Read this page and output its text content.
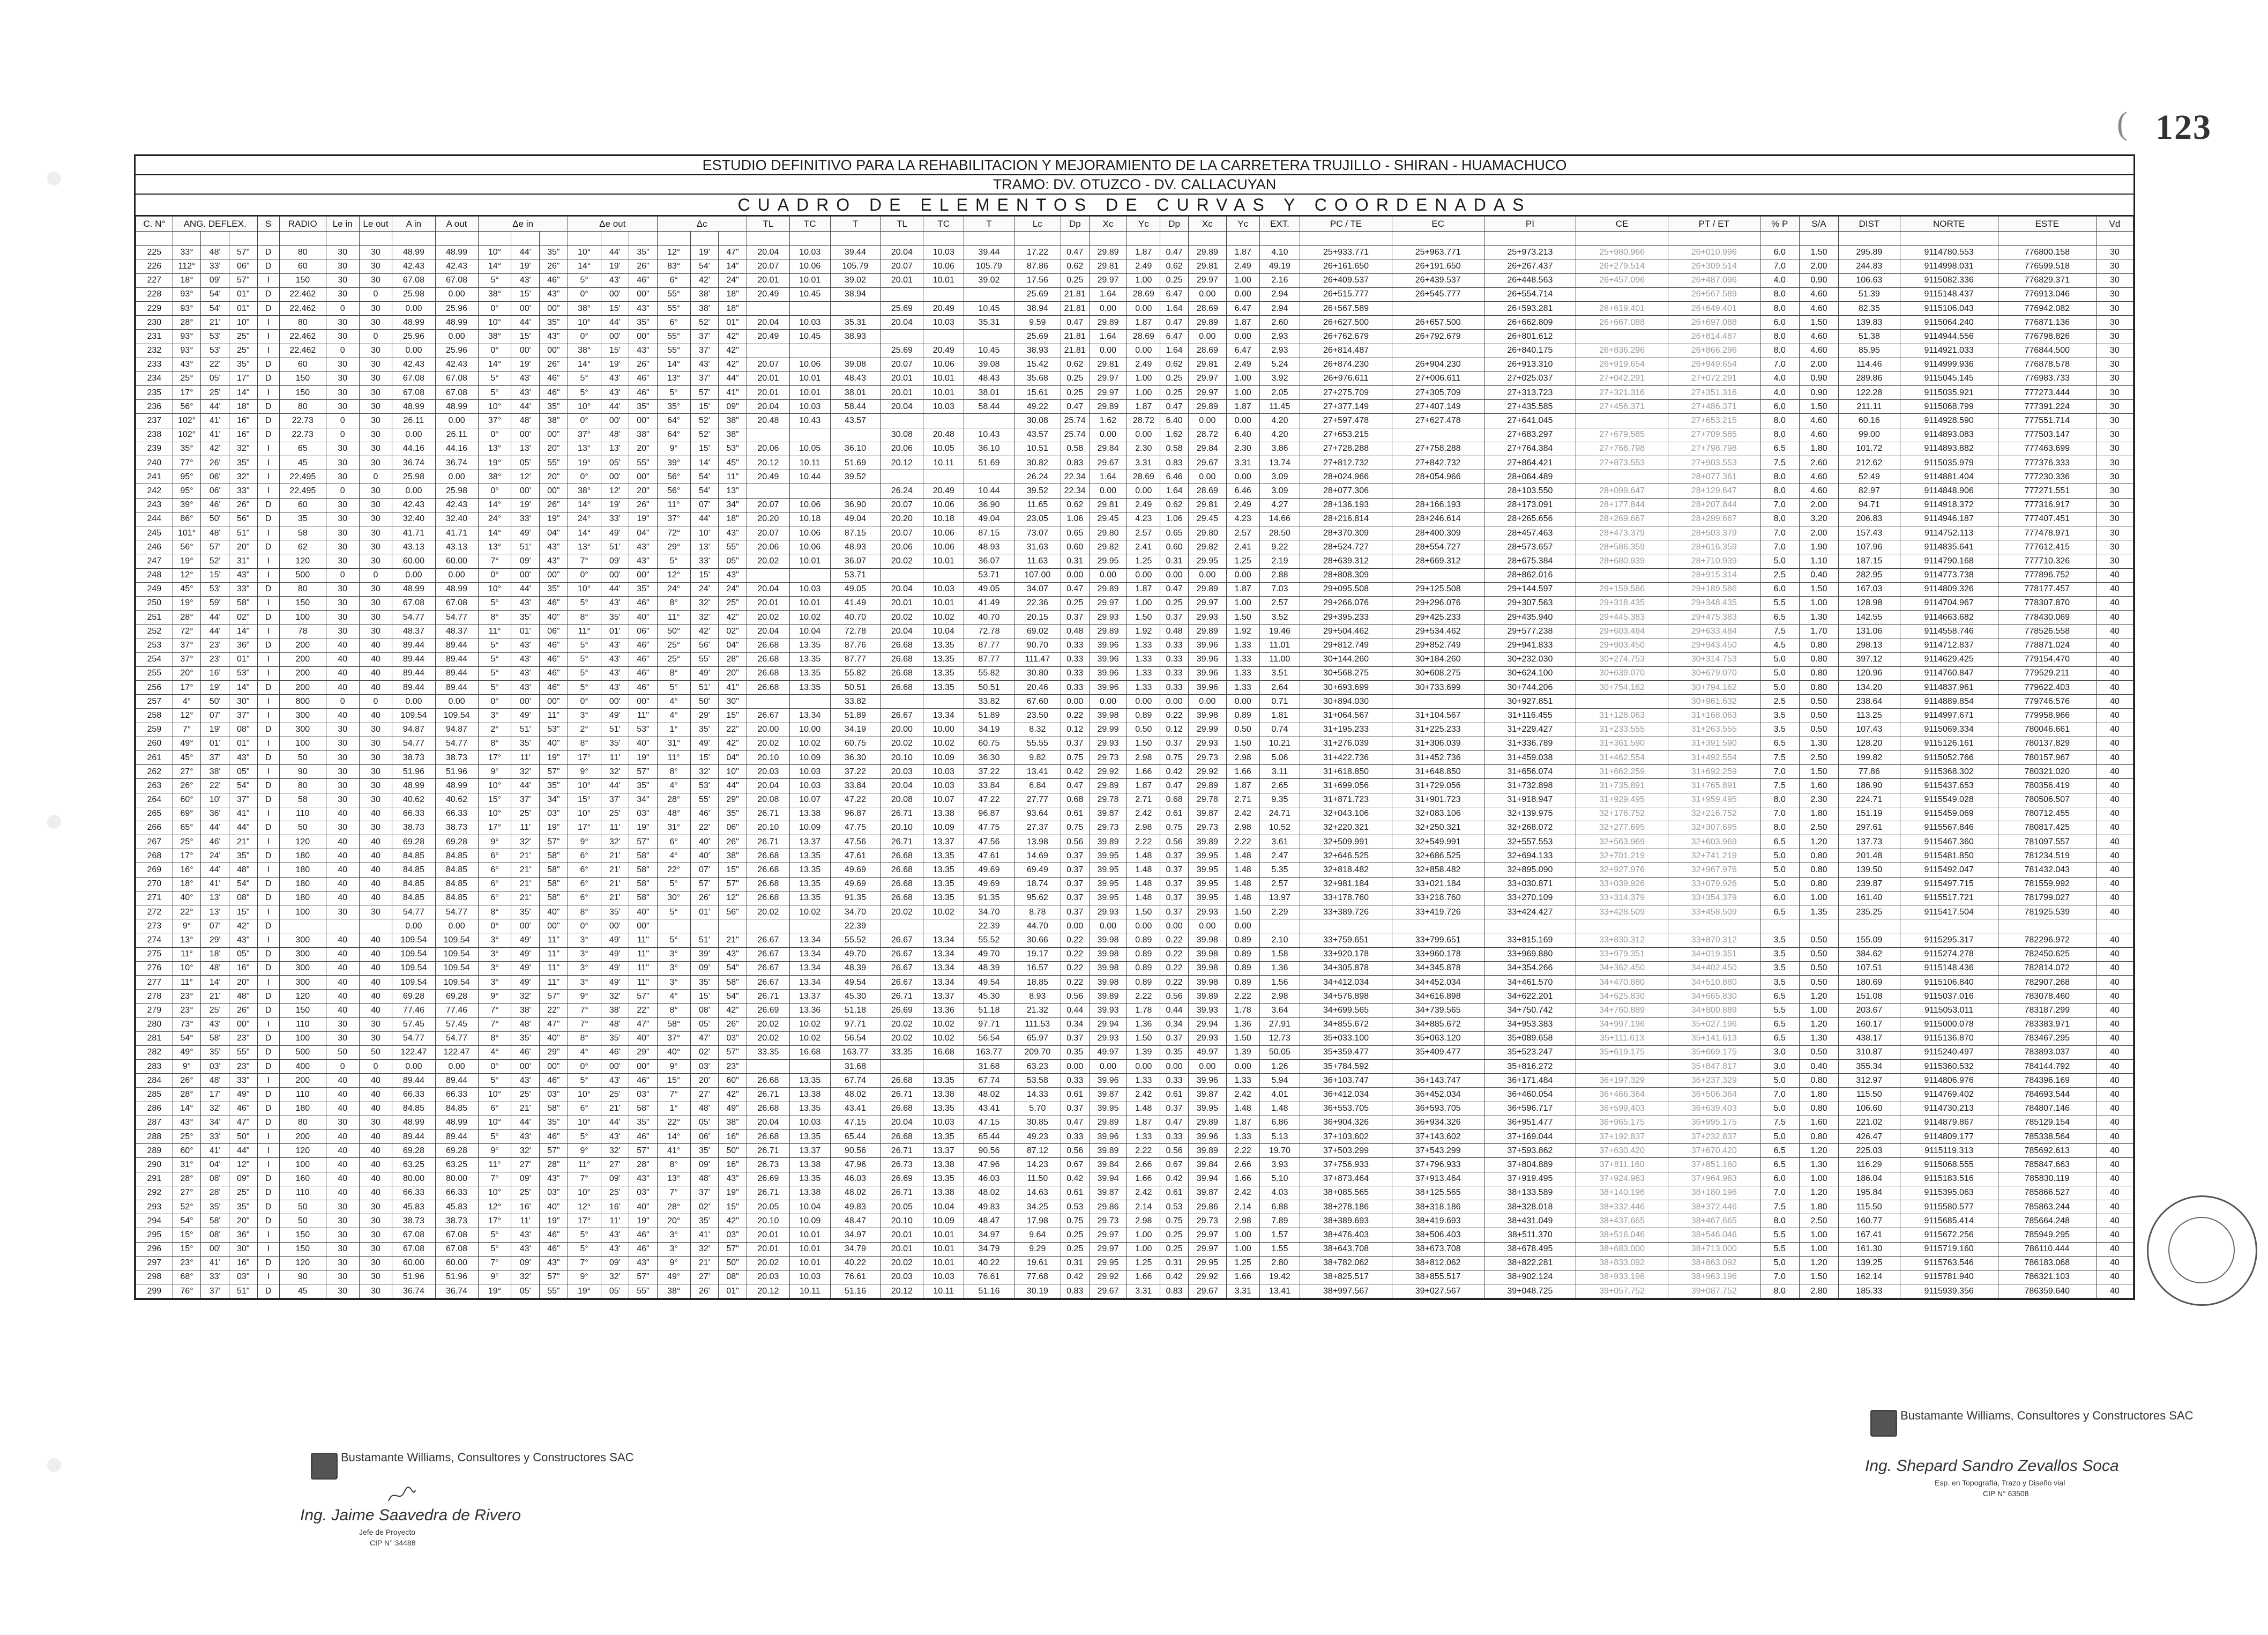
( 123
ESTUDIO DEFINITIVO PARA LA REHABILITACION Y MEJORAMIENTO DE LA CARRETERA TRUJILLO - SHIRAN - HUAMACHUCO
TRAMO: DV. OTUZCO - DV. CALLACUYAN
CUADRO DE ELEMENTOS DE CURVAS Y COORDENADAS
C. N°	ANG. DEFLEX.			S	RADIO	Le in	Le out	A in	A out	Δe in			Δe out			Δc			TL	TC	T	TL	TC	T	Lc	Dp	Xc	Yc	Dp	Xc	Yc	EXT.	PC / TE	EC	PI	CE	PT / ET	% P	S/A	DIST	NORTE	ESTE	Vd

225	33°	48'	57"	D	80	30	30	48.99	48.99	10°	44'	35"	10°	44'	35"	12°	19'	47"	20.04	10.03	39.44	20.04	10.03	39.44	17.22	0.47	29.89	1.87	0.47	29.89	1.87	4.10	25+933.771	25+963.771	25+973.213	25+980.966	26+010.996	6.0	1.50	295.89	9114780.553	776800.158	30
226	112°	33'	06"	D	60	30	30	42.43	42.43	14°	19'	26"	14°	19'	26"	83°	54'	14"	20.07	10.06	105.79	20.07	10.06	105.79	87.86	0.62	29.81	2.49	0.62	29.81	2.49	49.19	26+161.650	26+191.650	26+267.437	26+279.514	26+309.514	7.0	2.00	244.83	9114998.031	776599.518	30
227	18°	09'	57"	I	150	30	30	67.08	67.08	5°	43'	46"	5°	43'	46"	6°	42'	24"	20.01	10.01	39.02	20.01	10.01	39.02	17.56	0.25	29.97	1.00	0.25	29.97	1.00	2.16	26+409.537	26+439.537	26+448.563	26+457.096	26+487.096	4.0	0.90	106.63	9115082.336	776829.371	30
228	93°	54'	01"	D	22.462	30	0	25.98	0.00	38°	15'	43"	0°	00'	00"	55°	38'	18"	20.49	10.45	38.94				25.69	21.81	1.64	28.69	6.47	0.00	0.00	2.94	26+515.777	26+545.777	26+554.714		26+567.589	8.0	4.60	51.39	9115148.437	776913.046	30
229	93°	54'	01"	D	22.462	0	30	0.00	25.96	0°	00'	00"	38°	15'	43"	55°	38'	18"				25.69	20.49	10.45	38.94	21.81	0.00	0.00	1.64	28.69	6.47	2.94	26+567.589		26+593.281	26+619.401	26+649.401	8.0	4.60	82.35	9115106.043	776942.082	30
230	28°	21'	10"	I	80	30	30	48.99	48.99	10°	44'	35"	10°	44'	35"	6°	52'	01"	20.04	10.03	35.31	20.04	10.03	35.31	9.59	0.47	29.89	1.87	0.47	29.89	1.87	2.60	26+627.500	26+657.500	26+662.809	26+667.088	26+697.088	6.0	1.50	139.83	9115064.240	776871.136	30
231	93°	53'	25"	I	22.462	30	0	25.96	0.00	38°	15'	43"	0°	00'	00"	55°	37'	42"	20.49	10.45	38.93				25.69	21.81	1.64	28.69	6.47	0.00	0.00	2.93	26+762.679	26+792.679	26+801.612		26+814.487	8.0	4.60	51.38	9114944.556	776798.826	30
232	93°	53'	25"	I	22.462	0	30	0.00	25.96	0°	00'	00"	38°	15'	43"	55°	37'	42"				25.69	20.49	10.45	38.93	21.81	0.00	0.00	1.64	28.69	6.47	2.93	26+814.487		26+840.175	26+836.296	26+866.296	8.0	4.60	85.95	9114921.033	776844.500	30
233	43°	22'	35"	D	60	30	30	42.43	42.43	14°	19'	26"	14°	19'	26"	14°	43'	42"	20.07	10.06	39.08	20.07	10.06	39.08	15.42	0.62	29.81	2.49	0.62	29.81	2.49	5.24	26+874.230	26+904.230	26+913.310	26+919.654	26+949.654	7.0	2.00	114.46	9114999.936	776878.578	30
234	25°	05'	17"	D	150	30	30	67.08	67.08	5°	43'	46"	5°	43'	46"	13°	37'	44"	20.01	10.01	48.43	20.01	10.01	48.43	35.68	0.25	29.97	1.00	0.25	29.97	1.00	3.92	26+976.611	27+006.611	27+025.037	27+042.291	27+072.291	4.0	0.90	289.86	9115045.145	776983.733	30
235	17°	25'	14"	I	150	30	30	67.08	67.08	5°	43'	46"	5°	43'	46"	5°	57'	41"	20.01	10.01	38.01	20.01	10.01	38.01	15.61	0.25	29.97	1.00	0.25	29.97	1.00	2.05	27+275.709	27+305.709	27+313.723	27+321.316	27+351.316	4.0	0.90	122.28	9115035.921	777273.444	30
236	56°	44'	18"	D	80	30	30	48.99	48.99	10°	44'	35"	10°	44'	35"	35°	15'	09"	20.04	10.03	58.44	20.04	10.03	58.44	49.22	0.47	29.89	1.87	0.47	29.89	1.87	11.45	27+377.149	27+407.149	27+435.585	27+456.371	27+486.371	6.0	1.50	211.11	9115068.799	777391.224	30
237	102°	41'	16"	D	22.73	0	30	26.11	0.00	37°	48'	38"	0°	00'	00"	64°	52'	38"	20.48	10.43	43.57				30.08	25.74	1.62	28.72	6.40	0.00	0.00	4.20	27+597.478	27+627.478	27+641.045		27+653.215	8.0	4.60	60.16	9114928.590	777551.714	30
238	102°	41'	16"	D	22.73	0	30	0.00	26.11	0°	00'	00"	37°	48'	38"	64°	52'	38"				30.08	20.48	10.43	43.57	25.74	0.00	0.00	1.62	28.72	6.40	4.20	27+653.215		27+683.297	27+679.585	27+709.585	8.0	4.60	99.00	9114893.083	777503.147	30
239	35°	42'	32"	I	65	30	30	44.16	44.16	13°	13'	20"	13°	13'	20"	9°	15'	53"	20.06	10.05	36.10	20.06	10.05	36.10	10.51	0.58	29.84	2.30	0.58	29.84	2.30	3.86	27+728.288	27+758.288	27+764.384	27+768.798	27+798.798	6.5	1.80	101.72	9114893.882	777463.699	30
240	77°	26'	35"	I	45	30	30	36.74	36.74	19°	05'	55"	19°	05'	55"	39°	14'	45"	20.12	10.11	51.69	20.12	10.11	51.69	30.82	0.83	29.67	3.31	0.83	29.67	3.31	13.74	27+812.732	27+842.732	27+864.421	27+873.553	27+903.553	7.5	2.60	212.62	9115035.979	777376.333	30
241	95°	06'	32"	I	22.495	30	0	25.98	0.00	38°	12'	20"	0°	00'	00"	56°	54'	11"	20.49	10.44	39.52				26.24	22.34	1.64	28.69	6.46	0.00	0.00	3.09	28+024.966	28+054.966	28+064.489		28+077.361	8.0	4.60	52.49	9114881.404	777230.336	30
242	95°	06'	33"	I	22.495	0	30	0.00	25.98	0°	00'	00"	38°	12'	20"	56°	54'	13"				26.24	20.49	10.44	39.52	22.34	0.00	0.00	1.64	28.69	6.46	3.09	28+077.306		28+103.550	28+099.647	28+129.647	8.0	4.60	82.97	9114848.906	777271.551	30
243	39°	46'	26"	D	60	30	30	42.43	42.43	14°	19'	26"	14°	19'	26"	11°	07'	34"	20.07	10.06	36.90	20.07	10.06	36.90	11.65	0.62	29.81	2.49	0.62	29.81	2.49	4.27	28+136.193	28+166.193	28+173.091	28+177.844	28+207.844	7.0	2.00	94.71	9114918.372	777316.917	30
244	86°	50'	56"	D	35	30	30	32.40	32.40	24°	33'	19"	24°	33'	19"	37°	44'	18"	20.20	10.18	49.04	20.20	10.18	49.04	23.05	1.06	29.45	4.23	1.06	29.45	4.23	14.66	28+216.814	28+246.614	28+265.656	28+269.667	28+299.667	8.0	3.20	206.83	9114946.187	777407.451	30
245	101°	48'	51"	I	58	30	30	41.71	41.71	14°	49'	04"	14°	49'	04"	72°	10'	43"	20.07	10.06	87.15	20.07	10.06	87.15	73.07	0.65	29.80	2.57	0.65	29.80	2.57	28.50	28+370.309	28+400.309	28+457.463	28+473.379	28+503.379	7.0	2.00	157.43	9114752.113	777478.971	30
246	56°	57'	20"	D	62	30	30	43.13	43.13	13°	51'	43"	13°	51'	43"	29°	13'	55"	20.06	10.06	48.93	20.06	10.06	48.93	31.63	0.60	29.82	2.41	0.60	29.82	2.41	9.22	28+524.727	28+554.727	28+573.657	28+586.359	28+616.359	7.0	1.90	107.96	9114835.641	777612.415	30
247	19°	52'	31"	I	120	30	30	60.00	60.00	7°	09'	43"	7°	09'	43"	5°	33'	05"	20.02	10.01	36.07	20.02	10.01	36.07	11.63	0.31	29.95	1.25	0.31	29.95	1.25	2.19	28+639.312	28+669.312	28+675.384	28+680.939	28+710.939	5.0	1.10	187.15	9114790.168	777710.326	30
248	12°	15'	43"	I	500	0	0	0.00	0.00	0°	00'	00"	0°	00'	00"	12°	15'	43"			53.71			53.71	107.00	0.00	0.00	0.00	0.00	0.00	0.00	2.88	28+808.309		28+862.016		28+915.314	2.5	0.40	282.95	9114773.738	777896.752	40
249	45°	53'	33"	D	80	30	30	48.99	48.99	10°	44'	35"	10°	44'	35"	24°	24'	24"	20.04	10.03	49.05	20.04	10.03	49.05	34.07	0.47	29.89	1.87	0.47	29.89	1.87	7.03	29+095.508	29+125.508	29+144.597	29+159.586	29+189.586	6.0	1.50	167.03	9114809.326	778177.457	40
250	19°	59'	58"	I	150	30	30	67.08	67.08	5°	43'	46"	5°	43'	46"	8°	32'	25"	20.01	10.01	41.49	20.01	10.01	41.49	22.36	0.25	29.97	1.00	0.25	29.97	1.00	2.57	29+266.076	29+296.076	29+307.563	29+318.435	29+348.435	5.5	1.00	128.98	9114704.967	778307.870	40
251	28°	44'	02"	D	100	30	30	54.77	54.77	8°	35'	40"	8°	35'	40"	11°	32'	42"	20.02	10.02	40.70	20.02	10.02	40.70	20.15	0.37	29.93	1.50	0.37	29.93	1.50	3.52	29+395.233	29+425.233	29+435.940	29+445.383	29+475.383	6.5	1.30	142.55	9114663.682	778430.069	40
252	72°	44'	14"	I	78	30	30	48.37	48.37	11°	01'	06"	11°	01'	06"	50°	42'	02"	20.04	10.04	72.78	20.04	10.04	72.78	69.02	0.48	29.89	1.92	0.48	29.89	1.92	19.46	29+504.462	29+534.462	29+577.238	29+603.484	29+633.484	7.5	1.70	131.06	9114558.746	778526.558	40
253	37°	23'	36"	D	200	40	40	89.44	89.44	5°	43'	46"	5°	43'	46"	25°	56'	04"	26.68	13.35	87.76	26.68	13.35	87.77	90.70	0.33	39.96	1.33	0.33	39.96	1.33	11.01	29+812.749	29+852.749	29+941.833	29+903.450	29+943.450	4.5	0.80	298.13	9114712.837	778871.024	40
254	37°	23'	01"	I	200	40	40	89.44	89.44	5°	43'	46"	5°	43'	46"	25°	55'	28"	26.68	13.35	87.77	26.68	13.35	87.77	111.47	0.33	39.96	1.33	0.33	39.96	1.33	11.00	30+144.260	30+184.260	30+232.030	30+274.753	30+314.753	5.0	0.80	397.12	9114629.425	779154.470	40
255	20°	16'	53"	I	200	40	40	89.44	89.44	5°	43'	46"	5°	43'	46"	8°	49'	20"	26.68	13.35	55.82	26.68	13.35	55.82	30.80	0.33	39.96	1.33	0.33	39.96	1.33	3.51	30+568.275	30+608.275	30+624.100	30+639.070	30+679.070	5.0	0.80	120.96	9114760.847	779529.211	40
256	17°	19'	14"	D	200	40	40	89.44	89.44	5°	43'	46"	5°	43'	46"	5°	51'	41"	26.68	13.35	50.51	26.68	13.35	50.51	20.46	0.33	39.96	1.33	0.33	39.96	1.33	2.64	30+693.699	30+733.699	30+744.206	30+754.162	30+794.162	5.0	0.80	134.20	9114837.961	779622.403	40
257	4°	50'	30"	I	800	0	0	0.00	0.00	0°	00'	00"	0°	00'	00"	4°	50'	30"			33.82			33.82	67.60	0.00	0.00	0.00	0.00	0.00	0.00	0.71	30+894.030		30+927.851		30+961.632	2.5	0.50	238.64	9114889.854	779746.576	40
258	12°	07'	37"	I	300	40	40	109.54	109.54	3°	49'	11"	3°	49'	11"	4°	29'	15"	26.67	13.34	51.89	26.67	13.34	51.89	23.50	0.22	39.98	0.89	0.22	39.98	0.89	1.81	31+064.567	31+104.567	31+116.455	31+128.063	31+168.063	3.5	0.50	113.25	9114997.671	779958.966	40
259	7°	19'	08"	D	300	30	30	94.87	94.87	2°	51'	53"	2°	51'	53"	1°	35'	22"	20.00	10.00	34.19	20.00	10.00	34.19	8.32	0.12	29.99	0.50	0.12	29.99	0.50	0.74	31+195.233	31+225.233	31+229.427	31+233.555	31+263.555	3.5	0.50	107.43	9115069.334	780046.661	40
260	49°	01'	01"	I	100	30	30	54.77	54.77	8°	35'	40"	8°	35'	40"	31°	49'	42"	20.02	10.02	60.75	20.02	10.02	60.75	55.55	0.37	29.93	1.50	0.37	29.93	1.50	10.21	31+276.039	31+306.039	31+336.789	31+361.590	31+391.590	6.5	1.30	128.20	9115126.161	780137.829	40
261	45°	37'	43"	D	50	30	30	38.73	38.73	17°	11'	19"	17°	11'	19"	11°	15'	04"	20.10	10.09	36.30	20.10	10.09	36.30	9.82	0.75	29.73	2.98	0.75	29.73	2.98	5.06	31+422.736	31+452.736	31+459.038	31+462.554	31+492.554	7.5	2.50	199.82	9115052.766	780157.967	40
262	27°	38'	05"	I	90	30	30	51.96	51.96	9°	32'	57"	9°	32'	57"	8°	32'	10"	20.03	10.03	37.22	20.03	10.03	37.22	13.41	0.42	29.92	1.66	0.42	29.92	1.66	3.11	31+618.850	31+648.850	31+656.074	31+662.259	31+692.259	7.0	1.50	77.86	9115368.302	780321.020	40
263	26°	22'	54"	D	80	30	30	48.99	48.99	10°	44'	35"	10°	44'	35"	4°	53'	44"	20.04	10.03	33.84	20.04	10.03	33.84	6.84	0.47	29.89	1.87	0.47	29.89	1.87	2.65	31+699.056	31+729.056	31+732.898	31+735.891	31+765.891	7.5	1.60	186.90	9115437.653	780356.419	40
264	60°	10'	37"	D	58	30	30	40.62	40.62	15°	37'	34"	15°	37'	34"	28°	55'	29"	20.08	10.07	47.22	20.08	10.07	47.22	27.77	0.68	29.78	2.71	0.68	29.78	2.71	9.35	31+871.723	31+901.723	31+918.947	31+929.495	31+959.495	8.0	2.30	224.71	9115549.028	780506.507	40
265	69°	36'	41"	I	110	40	40	66.33	66.33	10°	25'	03"	10°	25'	03"	48°	46'	35"	26.71	13.38	96.87	26.71	13.38	96.87	93.64	0.61	39.87	2.42	0.61	39.87	2.42	24.71	32+043.106	32+083.106	32+139.975	32+176.752	32+216.752	7.0	1.80	151.19	9115459.069	780712.455	40
266	65°	44'	44"	D	50	30	30	38.73	38.73	17°	11'	19"	17°	11'	19"	31°	22'	06"	20.10	10.09	47.75	20.10	10.09	47.75	27.37	0.75	29.73	2.98	0.75	29.73	2.98	10.52	32+220.321	32+250.321	32+268.072	32+277.695	32+307.695	8.0	2.50	297.61	9115567.846	780817.425	40
267	25°	46'	21"	I	120	40	40	69.28	69.28	9°	32'	57"	9°	32'	57"	6°	40'	26"	26.71	13.37	47.56	26.71	13.37	47.56	13.98	0.56	39.89	2.22	0.56	39.89	2.22	3.61	32+509.991	32+549.991	32+557.553	32+563.969	32+603.969	6.5	1.20	137.73	9115467.360	781097.557	40
268	17°	24'	35"	D	180	40	40	84.85	84.85	6°	21'	58"	6°	21'	58"	4°	40'	38"	26.68	13.35	47.61	26.68	13.35	47.61	14.69	0.37	39.95	1.48	0.37	39.95	1.48	2.47	32+646.525	32+686.525	32+694.133	32+701.219	32+741.219	5.0	0.80	201.48	9115481.850	781234.519	40
269	16°	44'	48"	I	180	40	40	84.85	84.85	6°	21'	58"	6°	21'	58"	22°	07'	15"	26.68	13.35	49.69	26.68	13.35	49.69	69.49	0.37	39.95	1.48	0.37	39.95	1.48	5.35	32+818.482	32+858.482	32+895.090	32+927.976	32+967.976	5.0	0.80	139.50	9115492.047	781432.043	40
270	18°	41'	54"	D	180	40	40	84.85	84.85	6°	21'	58"	6°	21'	58"	5°	57'	57"	26.68	13.35	49.69	26.68	13.35	49.69	18.74	0.37	39.95	1.48	0.37	39.95	1.48	2.57	32+981.184	33+021.184	33+030.871	33+039.926	33+079.926	5.0	0.80	239.87	9115497.715	781559.992	40
271	40°	13'	08"	D	180	40	40	84.85	84.85	6°	21'	58"	6°	21'	58"	30°	26'	12"	26.68	13.35	91.35	26.68	13.35	91.35	95.62	0.37	39.95	1.48	0.37	39.95	1.48	13.97	33+178.760	33+218.760	33+270.109	33+314.379	33+354.379	6.0	1.00	161.40	9115517.721	781799.027	40
272	22°	13'	15"	I	100	30	30	54.77	54.77	8°	35'	40"	8°	35'	40"	5°	01'	56"	20.02	10.02	34.70	20.02	10.02	34.70	8.78	0.37	29.93	1.50	0.37	29.93	1.50	2.29	33+389.726	33+419.726	33+424.427	33+428.509	33+458.509	6.5	1.35	235.25	9115417.504	781925.539	40
273	9°	07'	42"	D				0.00	0.00	0°	00'	00"	0°	00'	00"						22.39			22.39	44.70	0.00	0.00	0.00	0.00	0.00	0.00												
274	13°	29'	43"	I	300	40	40	109.54	109.54	3°	49'	11"	3°	49'	11"	5°	51'	21"	26.67	13.34	55.52	26.67	13.34	55.52	30.66	0.22	39.98	0.89	0.22	39.98	0.89	2.10	33+759.651	33+799.651	33+815.169	33+830.312	33+870.312	3.5	0.50	155.09	9115295.317	782296.972	40
275	11°	18'	05"	D	300	40	40	109.54	109.54	3°	49'	11"	3°	49'	11"	3°	39'	43"	26.67	13.34	49.70	26.67	13.34	49.70	19.17	0.22	39.98	0.89	0.22	39.98	0.89	1.58	33+920.178	33+960.178	33+969.880	33+979.351	34+019.351	3.5	0.50	384.62	9115274.278	782450.625	40
276	10°	48'	16"	D	300	40	40	109.54	109.54	3°	49'	11"	3°	49'	11"	3°	09'	54"	26.67	13.34	48.39	26.67	13.34	48.39	16.57	0.22	39.98	0.89	0.22	39.98	0.89	1.36	34+305.878	34+345.878	34+354.266	34+362.450	34+402.450	3.5	0.50	107.51	9115148.436	782814.072	40
277	11°	14'	20"	I	300	40	40	109.54	109.54	3°	49'	11"	3°	49'	11"	3°	35'	58"	26.67	13.34	49.54	26.67	13.34	49.54	18.85	0.22	39.98	0.89	0.22	39.98	0.89	1.56	34+412.034	34+452.034	34+461.570	34+470.880	34+510.880	3.5	0.50	180.69	9115106.840	782907.268	40
278	23°	21'	48"	D	120	40	40	69.28	69.28	9°	32'	57"	9°	32'	57"	4°	15'	54"	26.71	13.37	45.30	26.71	13.37	45.30	8.93	0.56	39.89	2.22	0.56	39.89	2.22	2.98	34+576.898	34+616.898	34+622.201	34+625.830	34+665.830	6.5	1.20	151.08	9115037.016	783078.460	40
279	23°	25'	26"	D	150	40	40	77.46	77.46	7°	38'	22"	7°	38'	22"	8°	08'	42"	26.69	13.36	51.18	26.69	13.36	51.18	21.32	0.44	39.93	1.78	0.44	39.93	1.78	3.64	34+699.565	34+739.565	34+750.742	34+760.889	34+800.889	5.5	1.00	203.67	9115053.011	783187.299	40
280	73°	43'	00"	I	110	30	30	57.45	57.45	7°	48'	47"	7°	48'	47"	58°	05'	26"	20.02	10.02	97.71	20.02	10.02	97.71	111.53	0.34	29.94	1.36	0.34	29.94	1.36	27.91	34+855.672	34+885.672	34+953.383	34+997.196	35+027.196	6.5	1.20	160.17	9115000.078	783383.971	40
281	54°	58'	23"	D	100	30	30	54.77	54.77	8°	35'	40"	8°	35'	40"	37°	47'	03"	20.02	10.02	56.54	20.02	10.02	56.54	65.97	0.37	29.93	1.50	0.37	29.93	1.50	12.73	35+033.100	35+063.120	35+089.658	35+111.613	35+141.613	6.5	1.30	438.17	9115136.870	783467.295	40
282	49°	35'	55"	D	500	50	50	122.47	122.47	4°	46'	29"	4°	46'	29"	40°	02'	57"	33.35	16.68	163.77	33.35	16.68	163.77	209.70	0.35	49.97	1.39	0.35	49.97	1.39	50.05	35+359.477	35+409.477	35+523.247	35+619.175	35+669.175	3.0	0.50	310.87	9115240.497	783893.037	40
283	9°	03'	23"	D	400	0	0	0.00	0.00	0°	00'	00"	0°	00'	00"	9°	03'	23"			31.68			31.68	63.23	0.00	0.00	0.00	0.00	0.00	0.00	1.26	35+784.592		35+816.272		35+847.817	3.0	0.40	355.34	9115360.532	784144.792	40
284	26°	48'	33"	I	200	40	40	89.44	89.44	5°	43'	46"	5°	43'	46"	15°	20'	60"	26.68	13.35	67.74	26.68	13.35	67.74	53.58	0.33	39.96	1.33	0.33	39.96	1.33	5.94	36+103.747	36+143.747	36+171.484	36+197.329	36+237.329	5.0	0.80	312.97	9114806.976	784396.169	40
285	28°	17'	49"	D	110	40	40	66.33	66.33	10°	25'	03"	10°	25'	03"	7°	27'	42"	26.71	13.38	48.02	26.71	13.38	48.02	14.33	0.61	39.87	2.42	0.61	39.87	2.42	4.01	36+412.034	36+452.034	36+460.054	36+466.364	36+506.364	7.0	1.80	115.50	9114769.402	784693.544	40
286	14°	32'	46"	D	180	40	40	84.85	84.85	6°	21'	58"	6°	21'	58"	1°	48'	49"	26.68	13.35	43.41	26.68	13.35	43.41	5.70	0.37	39.95	1.48	0.37	39.95	1.48	1.48	36+553.705	36+593.705	36+596.717	36+599.403	36+639.403	5.0	0.80	106.60	9114730.213	784807.146	40
287	43°	34'	47"	D	80	30	30	48.99	48.99	10°	44'	35"	10°	44'	35"	22°	05'	38"	20.04	10.03	47.15	20.04	10.03	47.15	30.85	0.47	29.89	1.87	0.47	29.89	1.87	6.86	36+904.326	36+934.326	36+951.477	36+965.175	36+995.175	7.5	1.60	221.02	9114879.867	785129.154	40
288	25°	33'	50"	I	200	40	40	89.44	89.44	5°	43'	46"	5°	43'	46"	14°	06'	16"	26.68	13.35	65.44	26.68	13.35	65.44	49.23	0.33	39.96	1.33	0.33	39.96	1.33	5.13	37+103.602	37+143.602	37+169.044	37+192.837	37+232.837	5.0	0.80	426.47	9114809.177	785338.564	40
289	60°	41'	44"	I	120	40	40	69.28	69.28	9°	32'	57"	9°	32'	57"	41°	35'	50"	26.71	13.37	90.56	26.71	13.37	90.56	87.12	0.56	39.89	2.22	0.56	39.89	2.22	19.70	37+503.299	37+543.299	37+593.862	37+630.420	37+670.420	6.5	1.20	225.03	9115119.313	785692.613	40
290	31°	04'	12"	I	100	40	40	63.25	63.25	11°	27'	28"	11°	27'	28"	8°	09'	16"	26.73	13.38	47.96	26.73	13.38	47.96	14.23	0.67	39.84	2.66	0.67	39.84	2.66	3.93	37+756.933	37+796.933	37+804.889	37+811.160	37+851.160	6.5	1.30	116.29	9115068.555	785847.663	40
291	28°	08'	09"	D	160	40	40	80.00	80.00	7°	09'	43"	7°	09'	43"	13°	48'	43"	26.69	13.35	46.03	26.69	13.35	46.03	11.50	0.42	39.94	1.66	0.42	39.94	1.66	5.10	37+873.464	37+913.464	37+919.495	37+924.963	37+964.963	6.0	1.00	186.04	9115183.516	785830.119	40
292	27°	28'	25"	D	110	40	40	66.33	66.33	10°	25'	03"	10°	25'	03"	7°	37'	19"	26.71	13.38	48.02	26.71	13.38	48.02	14.63	0.61	39.87	2.42	0.61	39.87	2.42	4.03	38+085.565	38+125.565	38+133.589	38+140.196	38+180.196	7.0	1.20	195.84	9115395.063	785866.527	40
293	52°	35'	35"	D	50	30	30	45.83	45.83	12°	16'	40"	12°	16'	40"	28°	02'	15"	20.05	10.04	49.83	20.05	10.04	49.83	34.25	0.53	29.86	2.14	0.53	29.86	2.14	6.88	38+278.186	38+318.186	38+328.018	38+332.446	38+372.446	7.5	1.80	115.50	9115580.577	785863.244	40
294	54°	58'	20"	D	50	30	30	38.73	38.73	17°	11'	19"	17°	11'	19"	20°	35'	42"	20.10	10.09	48.47	20.10	10.09	48.47	17.98	0.75	29.73	2.98	0.75	29.73	2.98	7.89	38+389.693	38+419.693	38+431.049	38+437.665	38+467.665	8.0	2.50	160.77	9115685.414	785664.248	40
295	15°	08'	36"	I	150	30	30	67.08	67.08	5°	43'	46"	5°	43'	46"	3°	41'	03"	20.01	10.01	34.97	20.01	10.01	34.97	9.64	0.25	29.97	1.00	0.25	29.97	1.00	1.57	38+476.403	38+506.403	38+511.370	38+516.046	38+546.046	5.5	1.00	167.41	9115672.256	785949.295	40
296	15°	00'	30"	I	150	30	30	67.08	67.08	5°	43'	46"	5°	43'	46"	3°	32'	57"	20.01	10.01	34.79	20.01	10.01	34.79	9.29	0.25	29.97	1.00	0.25	29.97	1.00	1.55	38+643.708	38+673.708	38+678.495	38+683.000	38+713.000	5.5	1.00	161.30	9115719.160	786110.444	40
297	23°	41'	16"	D	120	30	30	60.00	60.00	7°	09'	43"	7°	09'	43"	9°	21'	50"	20.02	10.01	40.22	20.02	10.01	40.22	19.61	0.31	29.95	1.25	0.31	29.95	1.25	2.80	38+782.062	38+812.062	38+822.281	38+833.092	38+863.092	5.0	1.20	139.25	9115763.546	786183.068	40
298	68°	33'	03"	I	90	30	30	51.96	51.96	9°	32'	57"	9°	32'	57"	49°	27'	08"	20.03	10.03	76.61	20.03	10.03	76.61	77.68	0.42	29.92	1.66	0.42	29.92	1.66	19.42	38+825.517	38+855.517	38+902.124	38+933.196	38+963.196	7.0	1.50	162.14	9115781.940	786321.103	40
299	76°	37'	51"	D	45	30	30	36.74	36.74	19°	05'	55"	19°	05'	55"	38°	26'	01"	20.12	10.11	51.16	20.12	10.11	51.16	30.19	0.83	29.67	3.31	0.83	29.67	3.31	13.41	38+997.567	39+027.567	39+048.725	39+057.752	39+087.752	8.0	2.80	185.33	9115939.356	786359.640	40
Bustamante Williams, Consultores y Constructores SAC
Ing. Jaime Saavedra de Rivero
Jefe de Proyecto
CIP N° 34488
Bustamante Williams, Consultores y Constructores SAC
Ing. Shepard Sandro Zevallos Soca
Esp. en Topografía, Trazo y Diseño vial
CIP N° 63508
